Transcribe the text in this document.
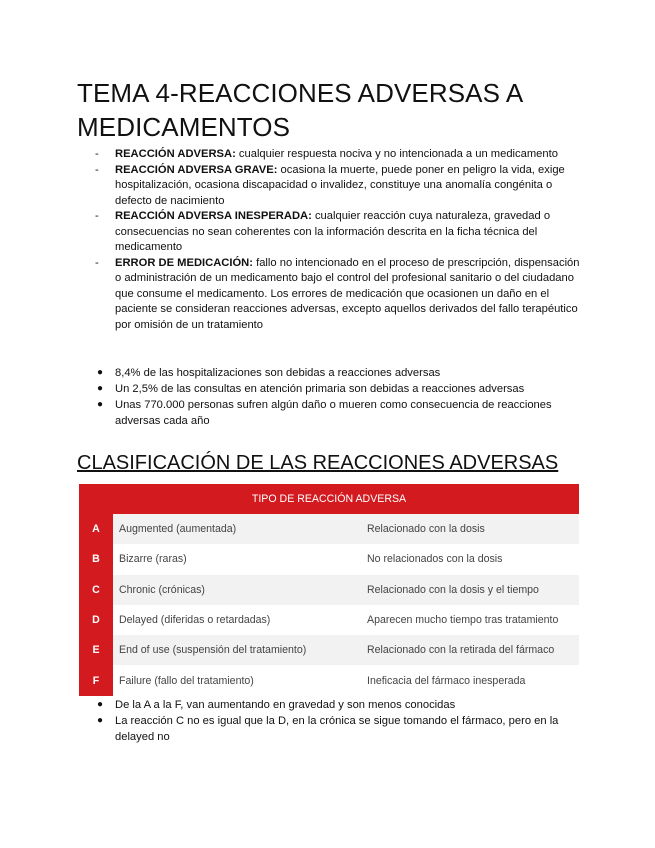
TEMA 4-REACCIONES ADVERSAS A MEDICAMENTOS
- REACCIÓN ADVERSA: cualquier respuesta nociva y no intencionada a un medicamento
- REACCIÓN ADVERSA GRAVE: ocasiona la muerte, puede poner en peligro la vida, exige hospitalización, ocasiona discapacidad o invalidez, constituye una anomalía congénita o defecto de nacimiento
- REACCIÓN ADVERSA INESPERADA: cualquier reacción cuya naturaleza, gravedad o consecuencias no sean coherentes con la información descrita en la ficha técnica del medicamento
- ERROR DE MEDICACIÓN: fallo no intencionado en el proceso de prescripción, dispensación o administración de un medicamento bajo el control del profesional sanitario o del ciudadano que consume el medicamento. Los errores de medicación que ocasionen un daño en el paciente se consideran reacciones adversas, excepto aquellos derivados del fallo terapéutico por omisión de un tratamiento
● 8,4% de las hospitalizaciones son debidas a reacciones adversas
● Un 2,5% de las consultas en atención primaria son debidas a reacciones adversas
● Unas 770.000 personas sufren algún daño o mueren como consecuencia de reacciones adversas cada año
CLASIFICACIÓN DE LAS REACCIONES ADVERSAS
TIPO DE REACCIÓN ADVERSA		
A	Augmented (aumentada)	Relacionado con la dosis
B	Bizarre (raras)	No relacionados con la dosis
C	Chronic (crónicas)	Relacionado con la dosis y el tiempo
D	Delayed (diferidas o retardadas)	Aparecen mucho tiempo tras tratamiento
E	End of use (suspensión del tratamiento)	Relacionado con la retirada del fármaco
F	Failure (fallo del tratamiento)	Ineficacia del fármaco inesperada
● De la A a la F, van aumentando en gravedad y son menos conocidas
● La reacción C no es igual que la D, en la crónica se sigue tomando el fármaco, pero en la delayed no
